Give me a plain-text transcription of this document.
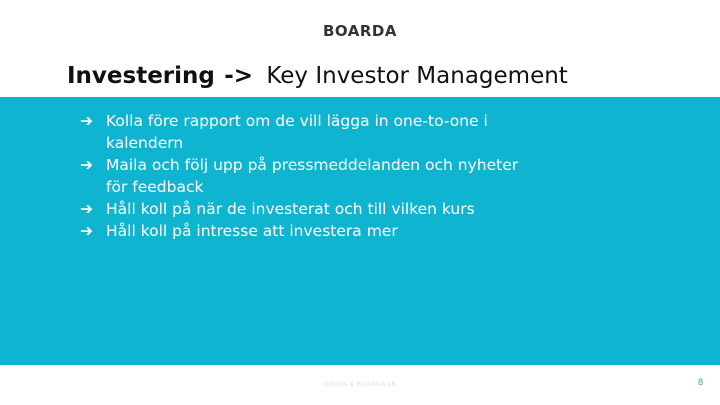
BOARDA
Investering -> Key Investor Management
➔ Kolla före rapport om de vill lägga in one-to-one i kalendern
➔ Maila och följ upp på pressmeddelanden och nyheter för feedback
➔ Håll koll på när de investerat och till vilken kurs
➔ Håll koll på intresse att investera mer
GROPA & BOARDA AB	8
